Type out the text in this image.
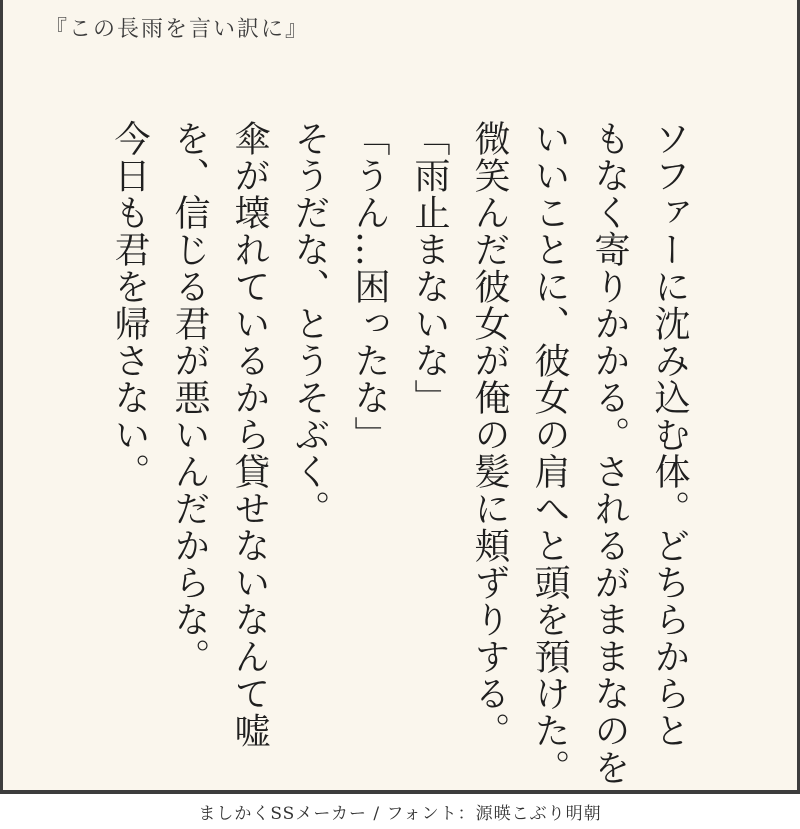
『この長雨を言い訳に』
ソファーに沈み込む体。どちらからと
もなく寄りかかる。されるがままなのを
いいことに、彼女の肩へと頭を預けた。
微笑んだ彼女が俺の髪に頬ずりする。
「雨止まないな」
「うん…困ったな」
そうだな、とうそぶく。
傘が壊れているから貸せないなんて嘘
を、信じる君が悪いんだからな。
今日も君を帰さない。
ましかくSSメーカー / フォント：源暎こぶり明朝
